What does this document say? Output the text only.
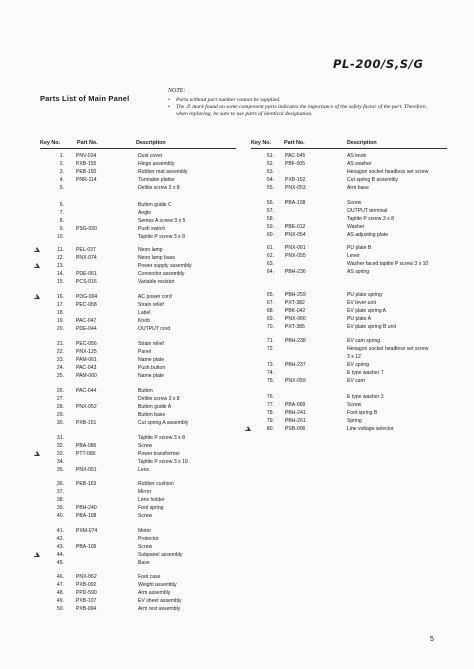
PL-200/S,S/G
Parts List of Main Panel
NOTE:
• Parts without part number cannot be supplied.
• The ⚠ mark found on some component parts indicates the importance of the safety factor of the part. Therefore, when replacing, be sure to use parts of identical designation.
Key No.	Part No.	Description	Key No. Part No.	Description
1. PNV-034	Dust cover
2. PXB-155	Hinge assembly
3. PEB-150	Rubber mat assembly
4. PNR-114	Turntable platter
5.	Deltite screw 3 x 8
6.	Button guide C
7.	Angle
8.	Semes A screw 3 x 5
9. PSG-020	Push switch
10.	Taptite P screw 3 x 8
11. PEL-037	Neon lamp
12. PNX-074	Neon lamp base
13.	Power supply assembly
14. PDE-061	Connector assembly
15. PCS-016	Variable resistor
16. PDG-004	AC power cord
17. PEC-058	Strain relief
18.	Label
19. PAC-047	Knob
20. PDE-044	OUTPUT cord
21. PEC-056	Strain relief
22. PNX-125	Panel
23. PAM-061	Name plate
24. PAC-043	Push button
25. PAM-060	Name plate
26. PAC-044	Button
27.	Deltite screw 3 x 8
28. PNX-052	Button guide A
29.	Button base
30. PXB-151	Cut spring A assembly
31.	Taptite P screw 3 x 8
32. PBA-086	Screw
33. PTT-086	Power transformer
34.	Taptite P screw 3 x 10
35. PNX-051	Lens
36. PEB-163	Rubber cushion
37.	Mirror
38.	Lens holder
39. PBH-240	Foot spring
40. PBA-108	Screw
41. PXM-074	Motor
42.	Protector
43. PBA-109	Screw
44.	Subpanel assembly
45.	Base
46. PNX-062	Foot case
47. PXB-092	Weight assembly
48. PPD-590	Arm assembly
49. PXB-107	EV sheet assembly
50. PXB-094	Arm rest assembly
51. PAC-045	AS knob
52. PBF-005	AS washer
53.	Hexagon socket headless set screw
54. PXB-152	Cut spring B assembly
55. PNX-053	Arm base
56. PBA-108	Screw
57.	OUTPUT terminal
58.	Taptite P screw 3 x 8
59. PBE-012	Washer
60. PNX-054	AS adjusting plate
61. PNX-061	PU plate B
62. PNX-055	Lever
63.	Washer faced taptite P screw 3 x 10
64. PBH-236	AS spring
65. PBH-259	PU plate spring
67. PXT-382	EV lever unit
68. PBK-042	EV plate spring A
69. PNX-060	PU plate A
70. PXT-385	EV plate spring B unit
71. PBH-238	EV cam spring
72.	Hexagon socket headless set screw
3 x 12
73. PBH-237	EV spring
74.	E type washer 7
75. PNX-059	EV cam
76.	E type washer 3
77. PBA-099	Screw
78. PBH-241	Foot spring B
79. PBH-261	Spring
80. PSB-006	Line voltage selector
5
